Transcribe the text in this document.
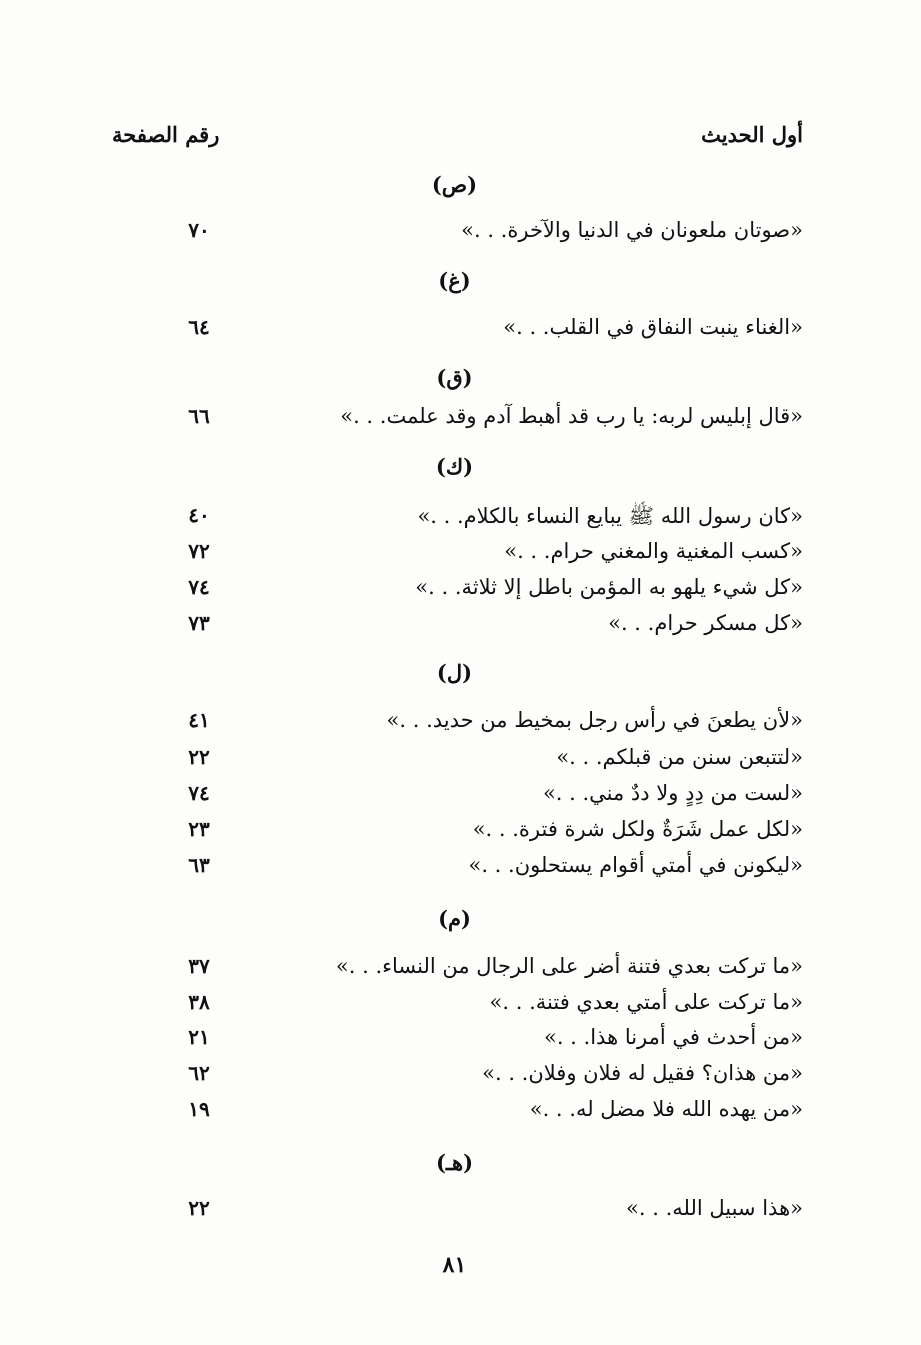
أول الحديث
رقم الصفحة
(ص)
«صوتان ملعونان في الدنيا والآخرة. . .»
٧٠
(غ)
«الغناء ينبت النفاق في القلب. . .»
٦٤
(ق)
«قال إبليس لربه: يا رب قد أهبط آدم وقد علمت. . .»
٦٦
(ك)
«كان رسول الله ﷺ يبايع النساء بالكلام. . .»
٤٠
«كسب المغنية والمغني حرام. . .»
٧٢
«كل شيء يلهو به المؤمن باطل إلا ثلاثة. . .»
٧٤
«كل مسكر حرام. . .»
٧٣
(ل)
«لأن يطعنَ في رأس رجل بمخيط من حديد. . .»
٤١
«لتتبعن سنن من قبلكم. . .»
٢٢
«لست من دِدٍ ولا ددٌ مني. . .»
٧٤
«لكل عمل شَرَةٌ ولكل شرة فترة. . .»
٢٣
«ليكونن في أمتي أقوام يستحلون. . .»
٦٣
(م)
«ما تركت بعدي فتنة أضر على الرجال من النساء. . .»
٣٧
«ما تركت على أمتي بعدي فتنة. . .»
٣٨
«من أحدث في أمرنا هذا. . .»
٢١
«من هذان؟ فقيل له فلان وفلان. . .»
٦٢
«من يهده الله فلا مضل له. . .»
١٩
(هـ)
«هذا سبيل الله. . .»
٢٢
٨١
